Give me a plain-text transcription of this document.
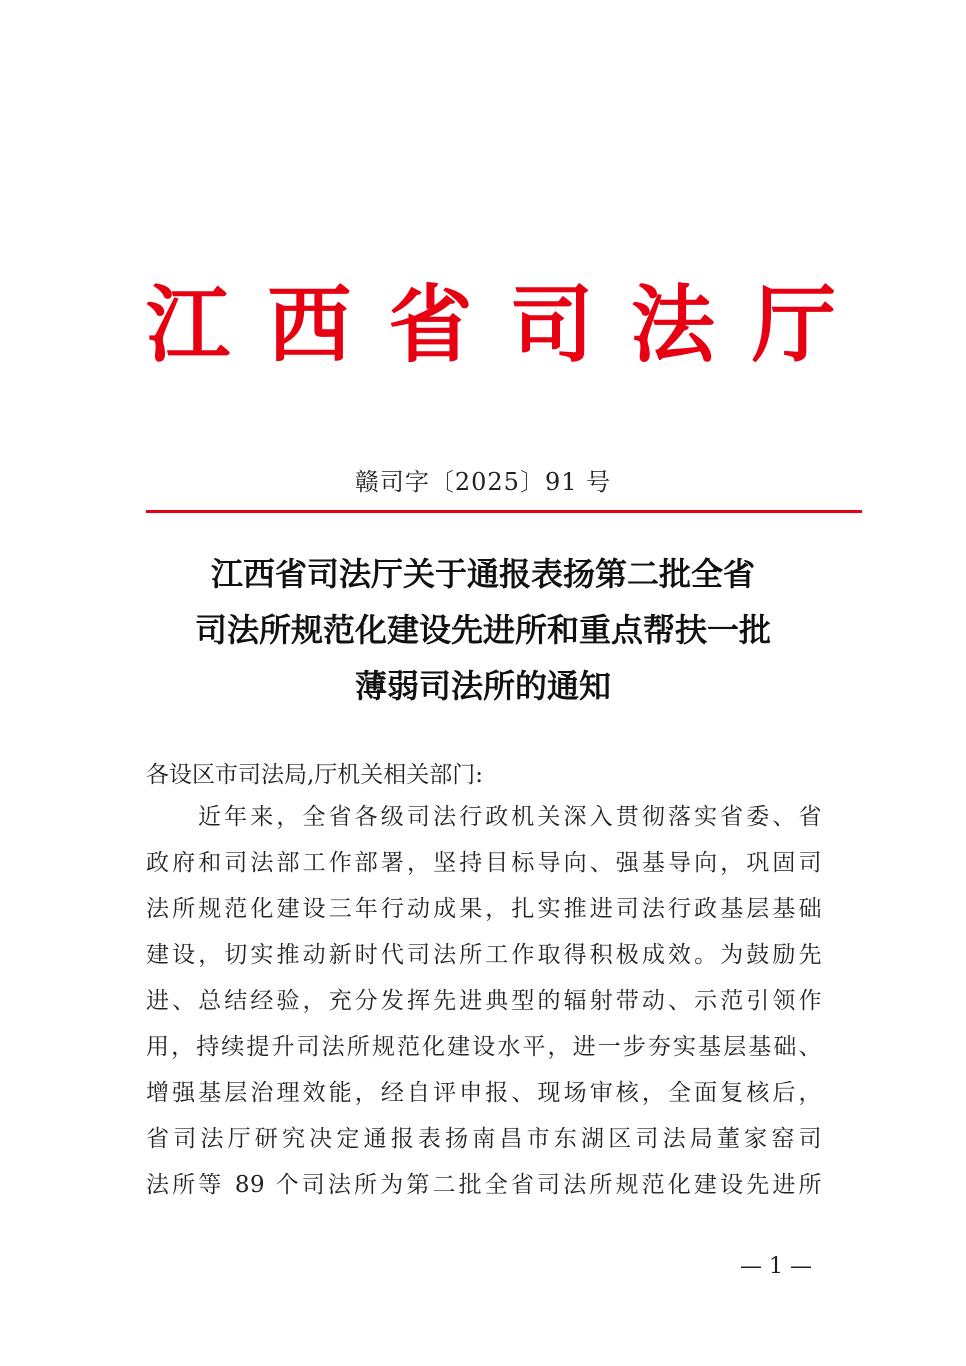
江 西 省 司 法 厅
赣司字〔2025〕91 号
江西省司法厅关于通报表扬第二批全省
司法所规范化建设先进所和重点帮扶一批
薄弱司法所的通知
各设区市司法局,厅机关相关部门:
近年来，全省各级司法行政机关深入贯彻落实省委、省
政府和司法部工作部署，坚持目标导向、强基导向，巩固司
法所规范化建设三年行动成果，扎实推进司法行政基层基础
建设，切实推动新时代司法所工作取得积极成效。为鼓励先
进、总结经验，充分发挥先进典型的辐射带动、示范引领作
用，持续提升司法所规范化建设水平，进一步夯实基层基础、
增强基层治理效能，经自评申报、现场审核，全面复核后，
省司法厅研究决定通报表扬南昌市东湖区司法局董家窑司
法所等 89 个司法所为第二批全省司法所规范化建设先进所
— 1 —
